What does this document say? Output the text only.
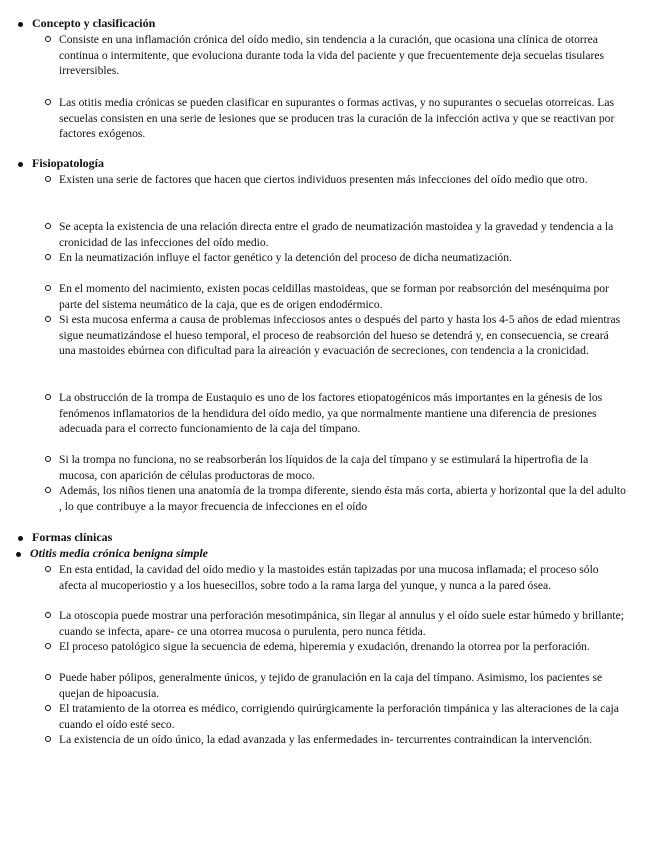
Concepto y clasificación
Consiste en una inflamación crónica del oído medio, sin tendencia a la curación, que ocasiona una clínica de otorrea continua o intermitente, que evoluciona durante toda la vida del paciente y que frecuentemente deja secuelas tisulares irreversibles.
Las otitis media crónicas se pueden clasificar en supurantes o formas activas, y no supurantes o secuelas otorreicas. Las secuelas consisten en una serie de lesiones que se producen tras la curación de la infección activa y que se reactivan por factores exógenos.
Fisiopatología
Existen una serie de factores que hacen que ciertos individuos presenten más infecciones del oído medio que otro.
Se acepta la existencia de una relación directa entre el grado de neumatización mastoidea y la gravedad y tendencia a la cronicidad de las infecciones del oído medio.
En la neumatización influye el factor genético y la detención del proceso de dicha neumatización.
En el momento del nacimiento, existen pocas celdillas mastoideas, que se forman por reabsorción del mesénquima por parte del sistema neumático de la caja, que es de origen endodérmico.
Si esta mucosa enferma a causa de problemas infecciosos antes o después del parto y hasta los 4-5 años de edad mientras sigue neumatizándose el hueso temporal, el proceso de reabsorción del hueso se detendrá y, en consecuencia, se creará una mastoides ebúrnea con dificultad para la aireación y evacuación de secreciones, con tendencia a la cronicidad.
La obstrucción de la trompa de Eustaquio es uno de los factores etiopatogénicos más importantes en la génesis de los fenómenos inflamatorios de la hendidura del oído medio, ya que normalmente mantiene una diferencia de presiones adecuada para el correcto funcionamiento de la caja del tímpano.
Si la trompa no funciona, no se reabsorberán los líquidos de la caja del tímpano y se estimulará la hipertrofia de la mucosa, con aparición de células productoras de moco.
Además, los niños tienen una anatomía de la trompa diferente, siendo ésta más corta, abierta y horizontal que la del adulto , lo que contribuye a la mayor frecuencia de infecciones en el oído
Formas clínicas
Otitis media crónica benigna simple
En esta entidad, la cavidad del oído medio y la mastoides están tapizadas por una mucosa inflamada; el proceso sólo afecta al mucoperiostio y a los huesecillos, sobre todo a la rama larga del yunque, y nunca a la pared ósea.
La otoscopia puede mostrar una perforación mesotimpánica, sin llegar al annulus y el oído suele estar húmedo y brillante; cuando se infecta, apare- ce una otorrea mucosa o purulenta, pero nunca fétida.
El proceso patológico sigue la secuencia de edema, hiperemia y exudación, drenando la otorrea por la perforación.
Puede haber pólipos, generalmente únicos, y tejido de granulación en la caja del tímpano. Asimismo, los pacientes se quejan de hipoacusia.
El tratamiento de la otorrea es médico, corrigiendo quirúrgicamente la perforación timpánica y las alteraciones de la caja cuando el oído esté seco.
La existencia de un oído único, la edad avanzada y las enfermedades in- tercurrentes contraindican la intervención.
